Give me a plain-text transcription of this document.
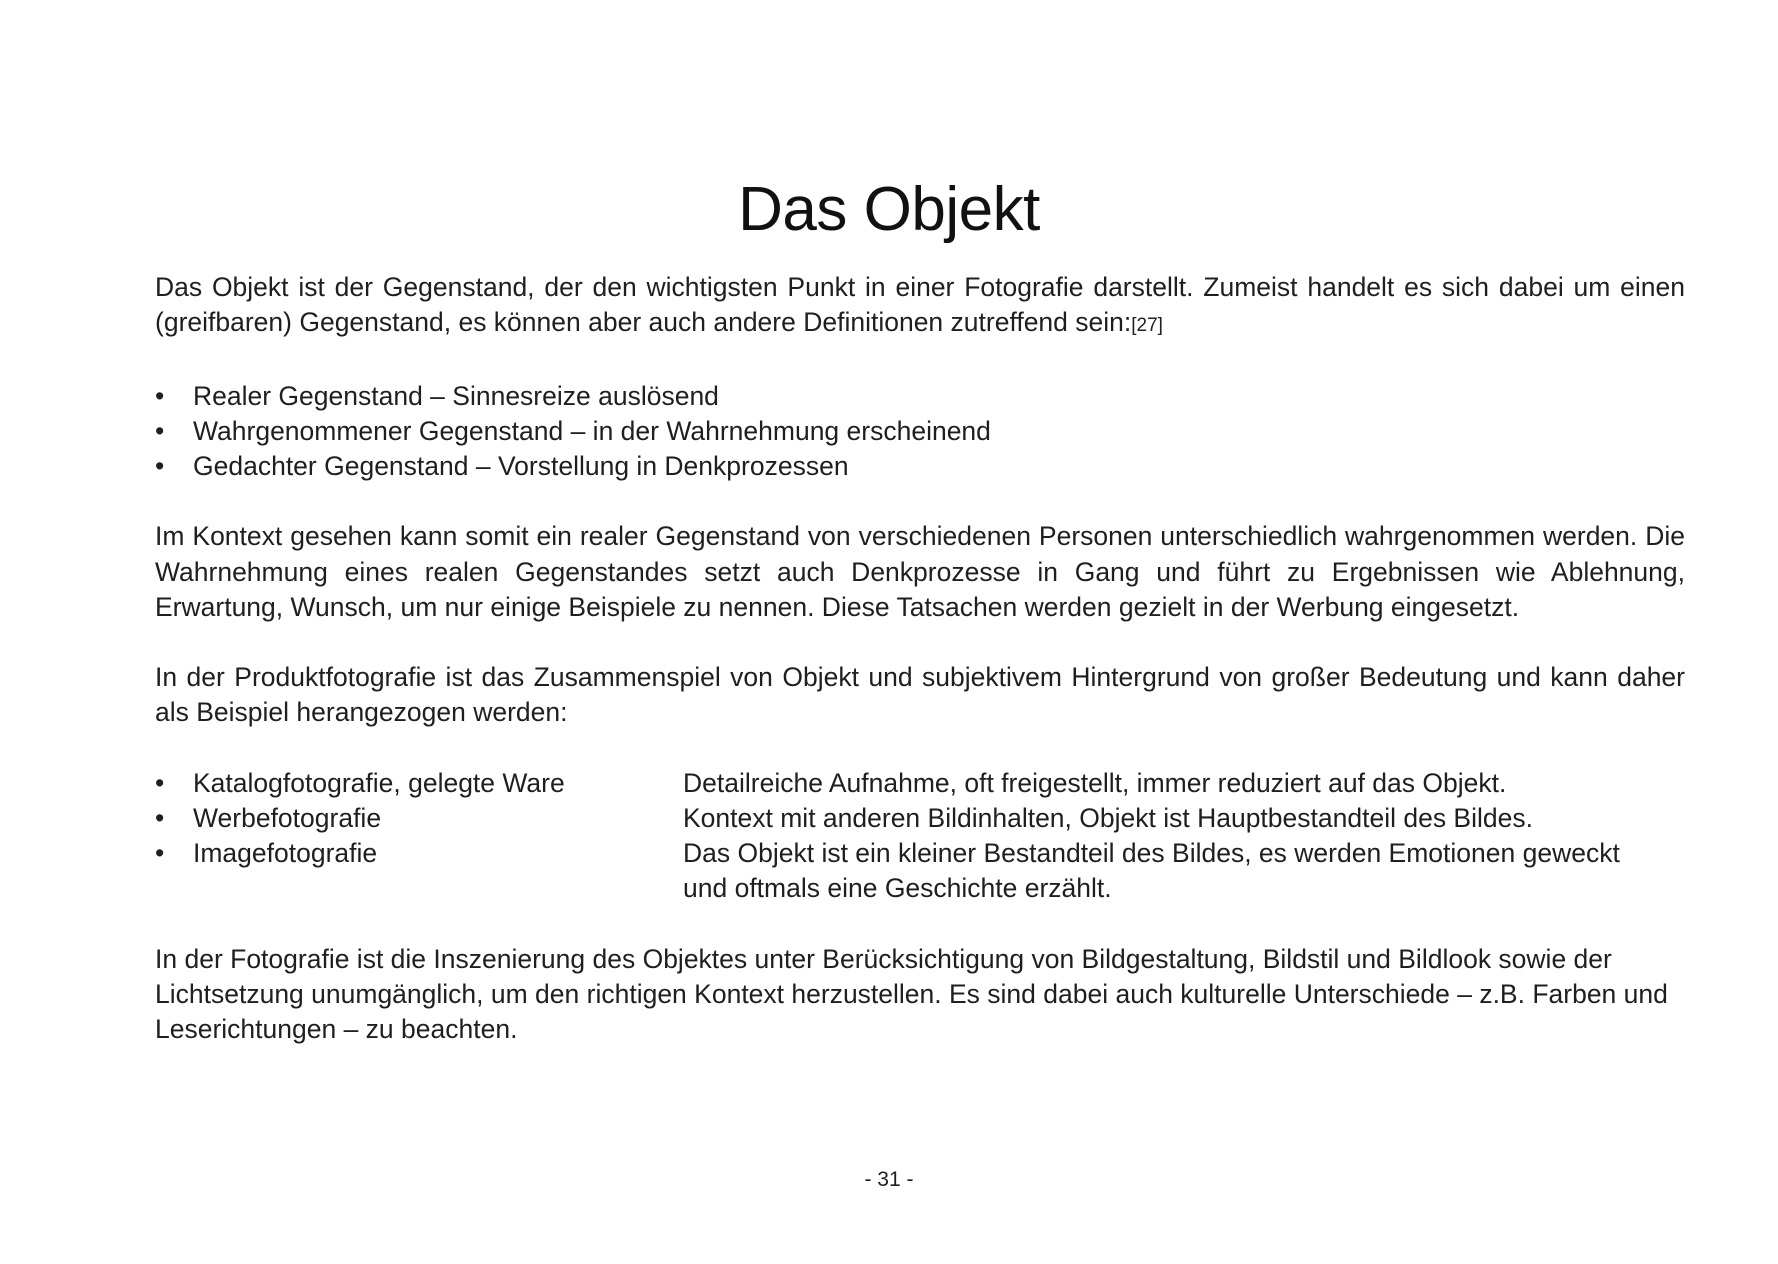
Das Objekt

Das Objekt ist der Gegenstand, der den wichtigsten Punkt in einer Fotografie darstellt. Zumeist handelt es sich dabei um einen (greifbaren) Gegenstand, es können aber auch andere Definitionen zutreffend sein:[27]

•	Realer Gegenstand – Sinnesreize auslösend
•	Wahrgenommener Gegenstand – in der Wahrnehmung erscheinend
•	Gedachter Gegenstand – Vorstellung in Denkprozessen

Im Kontext gesehen kann somit ein realer Gegenstand von verschiedenen Personen unterschiedlich wahrgenommen werden. Die Wahrnehmung eines realen Gegenstandes setzt auch Denkprozesse in Gang und führt zu Ergebnissen wie Ablehnung, Erwartung, Wunsch, um nur einige Beispiele zu nennen. Diese Tatsachen werden gezielt in der Werbung eingesetzt.

In der Produktfotografie ist das Zusammenspiel von Objekt und subjektivem Hintergrund von großer Bedeutung und kann daher als Beispiel herangezogen werden:

•	Katalogfotografie, gelegte Ware	Detailreiche Aufnahme, oft freigestellt, immer reduziert auf das Objekt.
•	Werbefotografie	Kontext mit anderen Bildinhalten, Objekt ist Hauptbestandteil des Bildes.
•	Imagefotografie	Das Objekt ist ein kleiner Bestandteil des Bildes, es werden Emotionen geweckt und oftmals eine Geschichte erzählt.

In der Fotografie ist die Inszenierung des Objektes unter Berücksichtigung von Bildgestaltung, Bildstil und Bildlook sowie der Lichtsetzung unumgänglich, um den richtigen Kontext herzustellen. Es sind dabei auch kulturelle Unterschiede – z.B. Farben und Leserichtungen – zu beachten.

- 31 -
